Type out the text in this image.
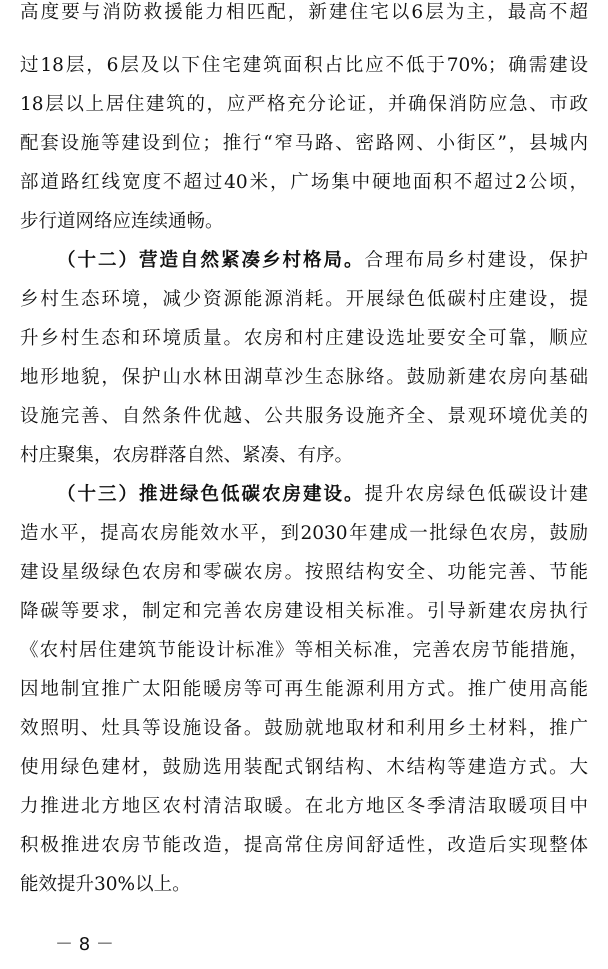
高度要与消防救援能力相匹配，新建住宅以6层为主，最高不超
过18层，6层及以下住宅建筑面积占比应不低于70%；确需建设
18层以上居住建筑的，应严格充分论证，并确保消防应急、市政
配套设施等建设到位；推行“窄马路、密路网、小街区”，县城内
部道路红线宽度不超过40米，广场集中硬地面积不超过2公顷，
步行道网络应连续通畅。
（十二）营造自然紧凑乡村格局。合理布局乡村建设，保护
乡村生态环境，减少资源能源消耗。开展绿色低碳村庄建设，提
升乡村生态和环境质量。农房和村庄建设选址要安全可靠，顺应
地形地貌，保护山水林田湖草沙生态脉络。鼓励新建农房向基础
设施完善、自然条件优越、公共服务设施齐全、景观环境优美的
村庄聚集，农房群落自然、紧凑、有序。
（十三）推进绿色低碳农房建设。提升农房绿色低碳设计建
造水平，提高农房能效水平，到2030年建成一批绿色农房，鼓励
建设星级绿色农房和零碳农房。按照结构安全、功能完善、节能
降碳等要求，制定和完善农房建设相关标准。引导新建农房执行
《农村居住建筑节能设计标准》等相关标准，完善农房节能措施，
因地制宜推广太阳能暖房等可再生能源利用方式。推广使用高能
效照明、灶具等设施设备。鼓励就地取材和利用乡土材料，推广
使用绿色建材，鼓励选用装配式钢结构、木结构等建造方式。大
力推进北方地区农村清洁取暖。在北方地区冬季清洁取暖项目中
积极推进农房节能改造，提高常住房间舒适性，改造后实现整体
能效提升30%以上。
－ 8 －
